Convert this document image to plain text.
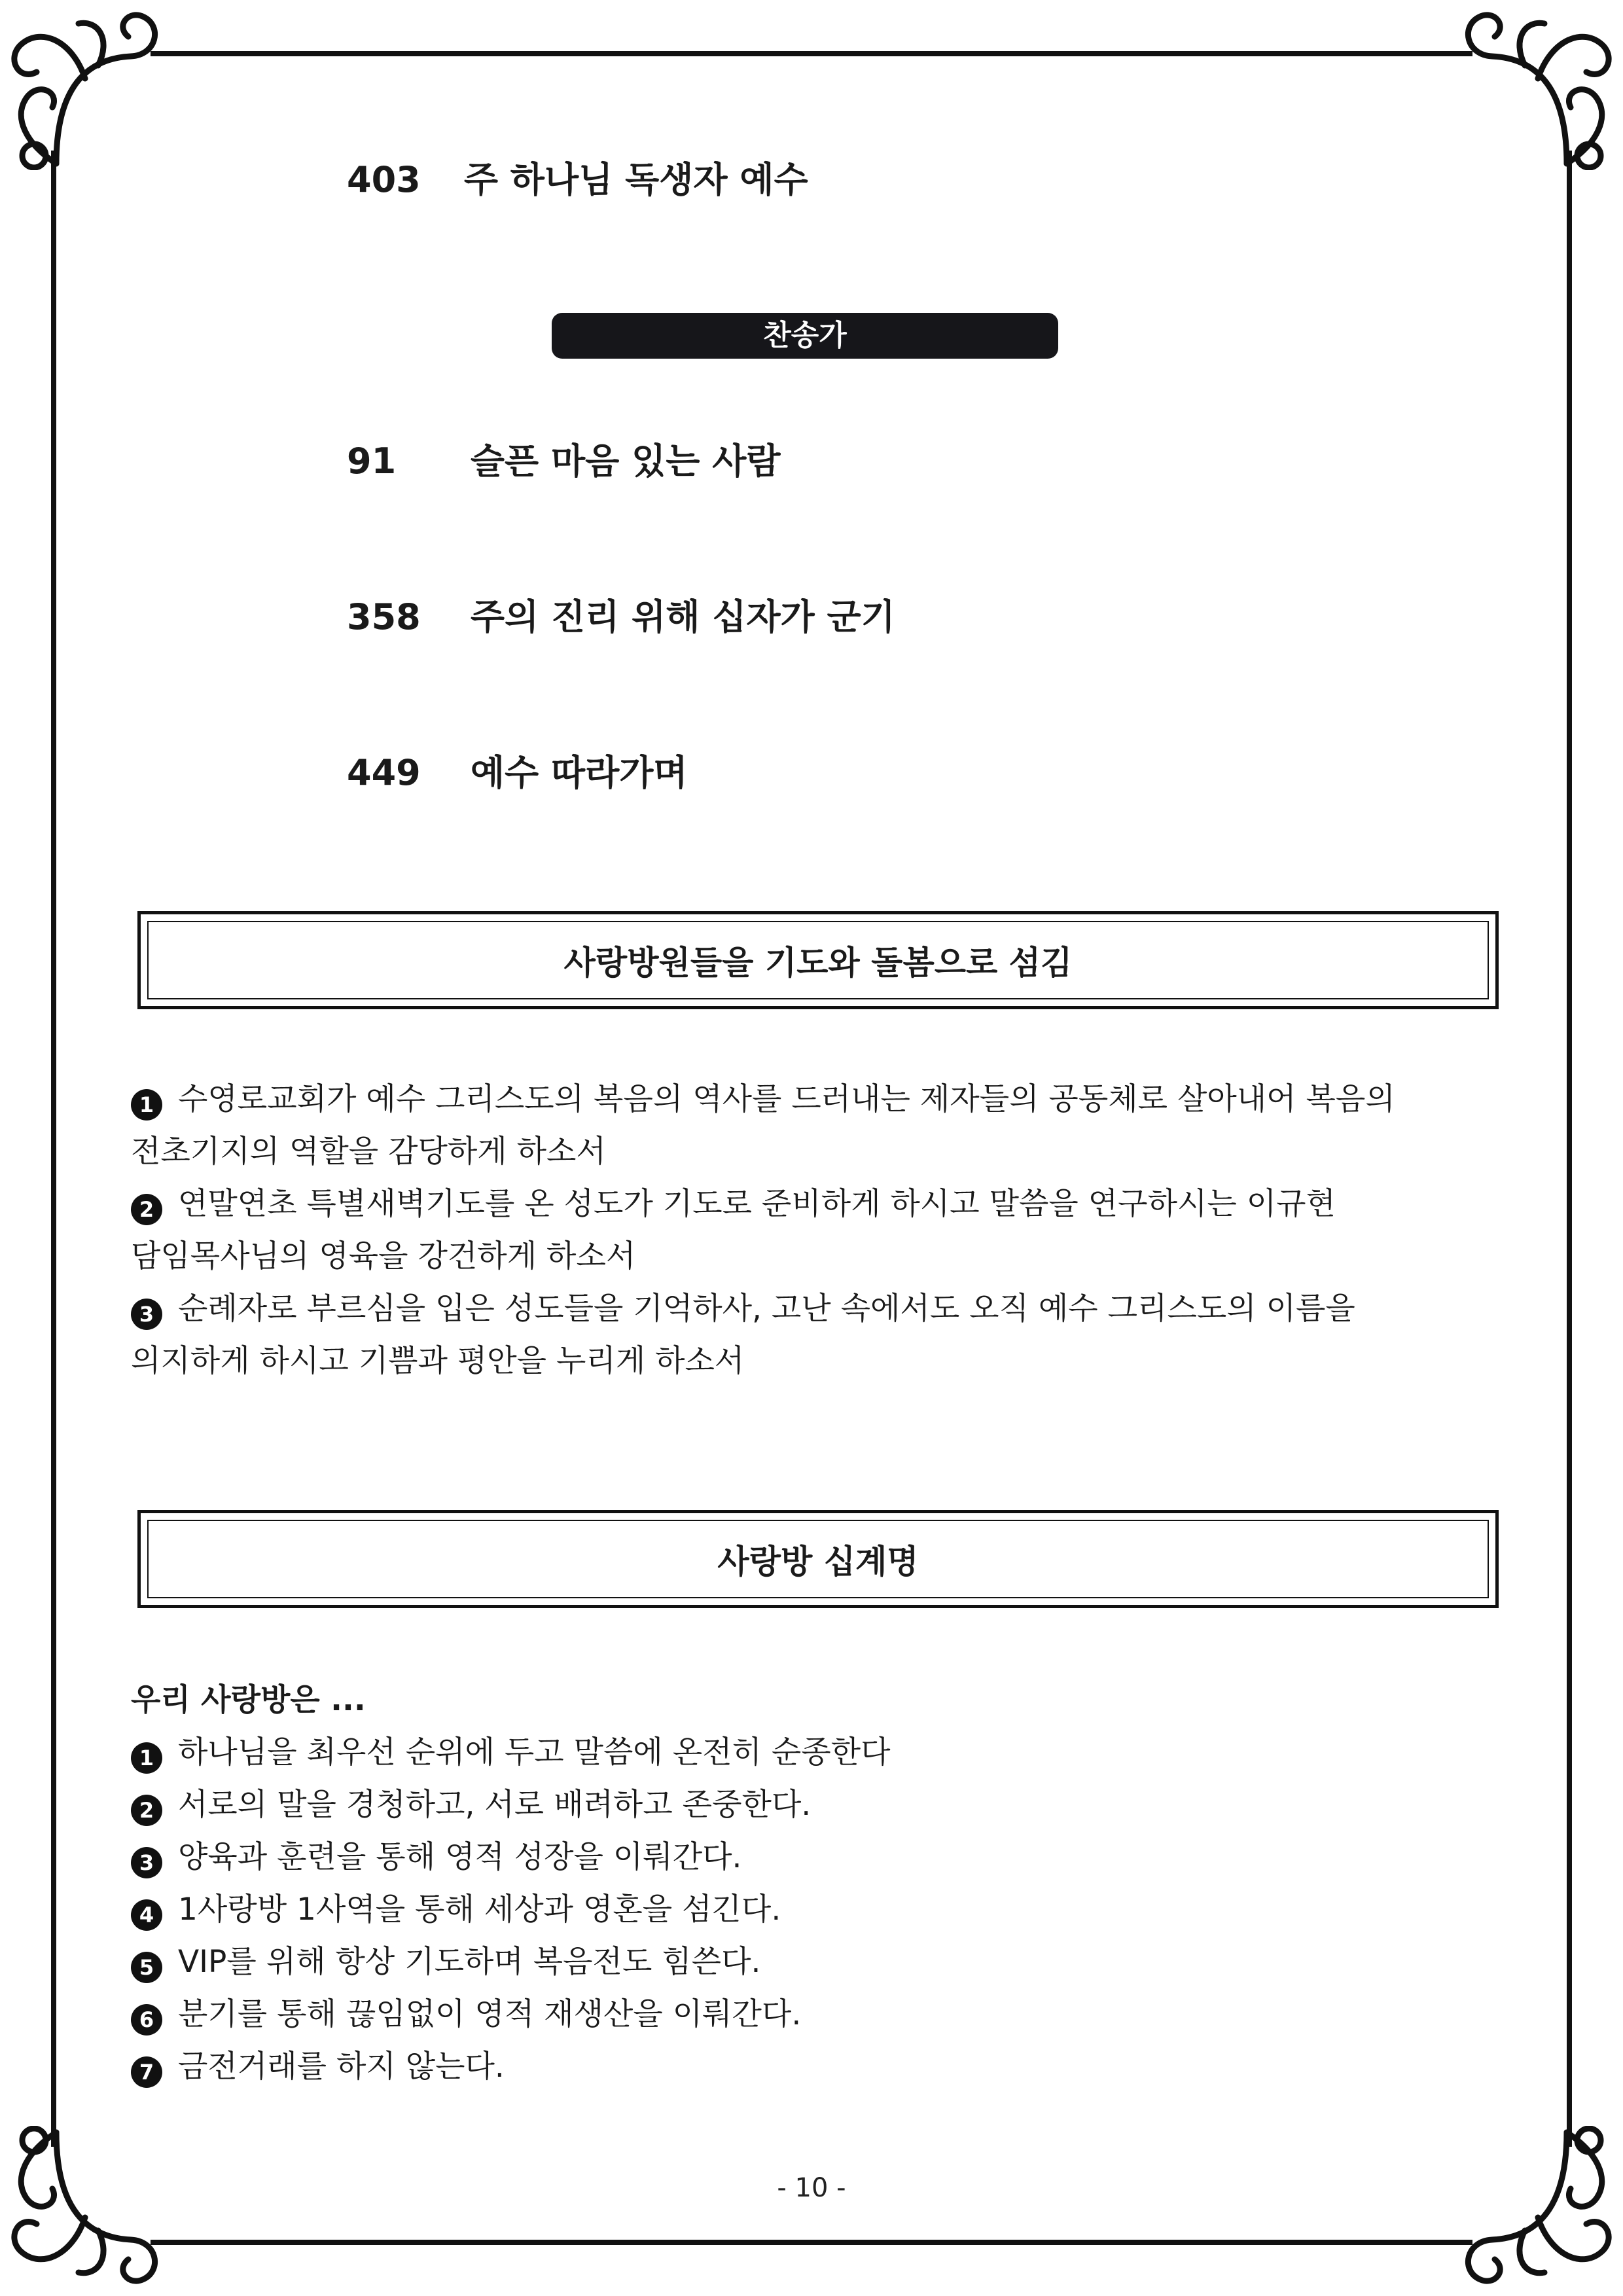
403 주 하나님 독생자 예수
찬송가
91 슬픈 마음 있는 사람
358 주의 진리 위해 십자가 군기
449 예수 따라가며
사랑방원들을 기도와 돌봄으로 섬김
1 수영로교회가 예수 그리스도의 복음의 역사를 드러내는 제자들의 공동체로 살아내어 복음의
전초기지의 역할을 감당하게 하소서
2 연말연초 특별새벽기도를 온 성도가 기도로 준비하게 하시고 말씀을 연구하시는 이규현
담임목사님의 영육을 강건하게 하소서
3 순례자로 부르심을 입은 성도들을 기억하사, 고난 속에서도 오직 예수 그리스도의 이름을
의지하게 하시고 기쁨과 평안을 누리게 하소서
사랑방 십계명
우리 사랑방은 ...
1 하나님을 최우선 순위에 두고 말씀에 온전히 순종한다
2 서로의 말을 경청하고, 서로 배려하고 존중한다.
3 양육과 훈련을 통해 영적 성장을 이뤄간다.
4 1사랑방 1사역을 통해 세상과 영혼을 섬긴다.
5 VIP를 위해 항상 기도하며 복음전도 힘쓴다.
6 분기를 통해 끊임없이 영적 재생산을 이뤄간다.
7 금전거래를 하지 않는다.
- 10 -
